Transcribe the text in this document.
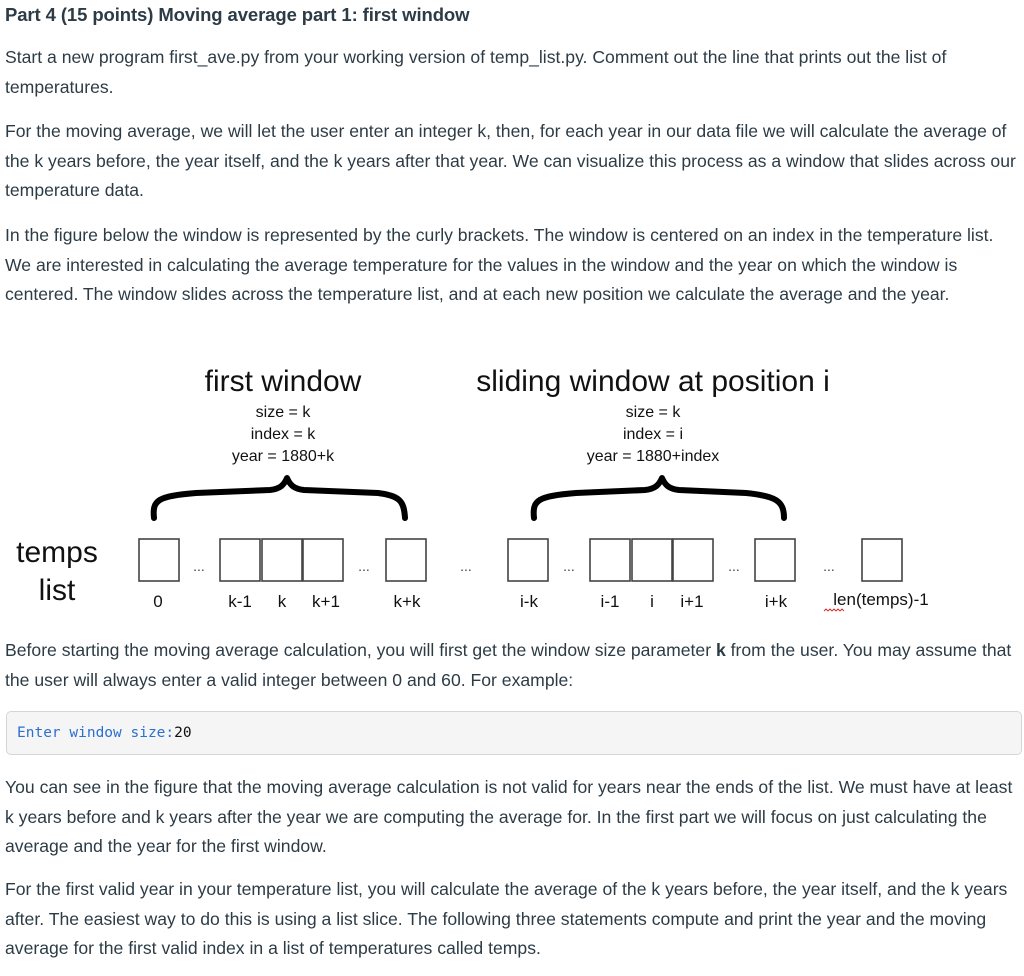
Part 4 (15 points) Moving average part 1: first window

Start a new program first_ave.py from your working version of temp_list.py. Comment out the line that prints out the list of temperatures.

For the moving average, we will let the user enter an integer k, then, for each year in our data file we will calculate the average of the k years before, the year itself, and the k years after that year. We can visualize this process as a window that slides across our temperature data.

In the figure below the window is represented by the curly brackets. The window is centered on an index in the temperature list. We are interested in calculating the average temperature for the values in the window and the year on which the window is centered. The window slides across the temperature list, and at each new position we calculate the average and the year.

first window
size = k
index = k
year = 1880+k
sliding window at position i
size = k
index = i
year = 1880+index
temps
list
...	...	...	...	...	...
0	k-1 k k+1	k+k	i-k	i-1 i i+1	i+k	len(temps)-1

Before starting the moving average calculation, you will first get the window size parameter k from the user. You may assume that the user will always enter a valid integer between 0 and 60. For example:

Enter window size:20

You can see in the figure that the moving average calculation is not valid for years near the ends of the list. We must have at least k years before and k years after the year we are computing the average for. In the first part we will focus on just calculating the average and the year for the first window.

For the first valid year in your temperature list, you will calculate the average of the k years before, the year itself, and the k years after. The easiest way to do this is using a list slice. The following three statements compute and print the year and the moving average for the first valid index in a list of temperatures called temps.
